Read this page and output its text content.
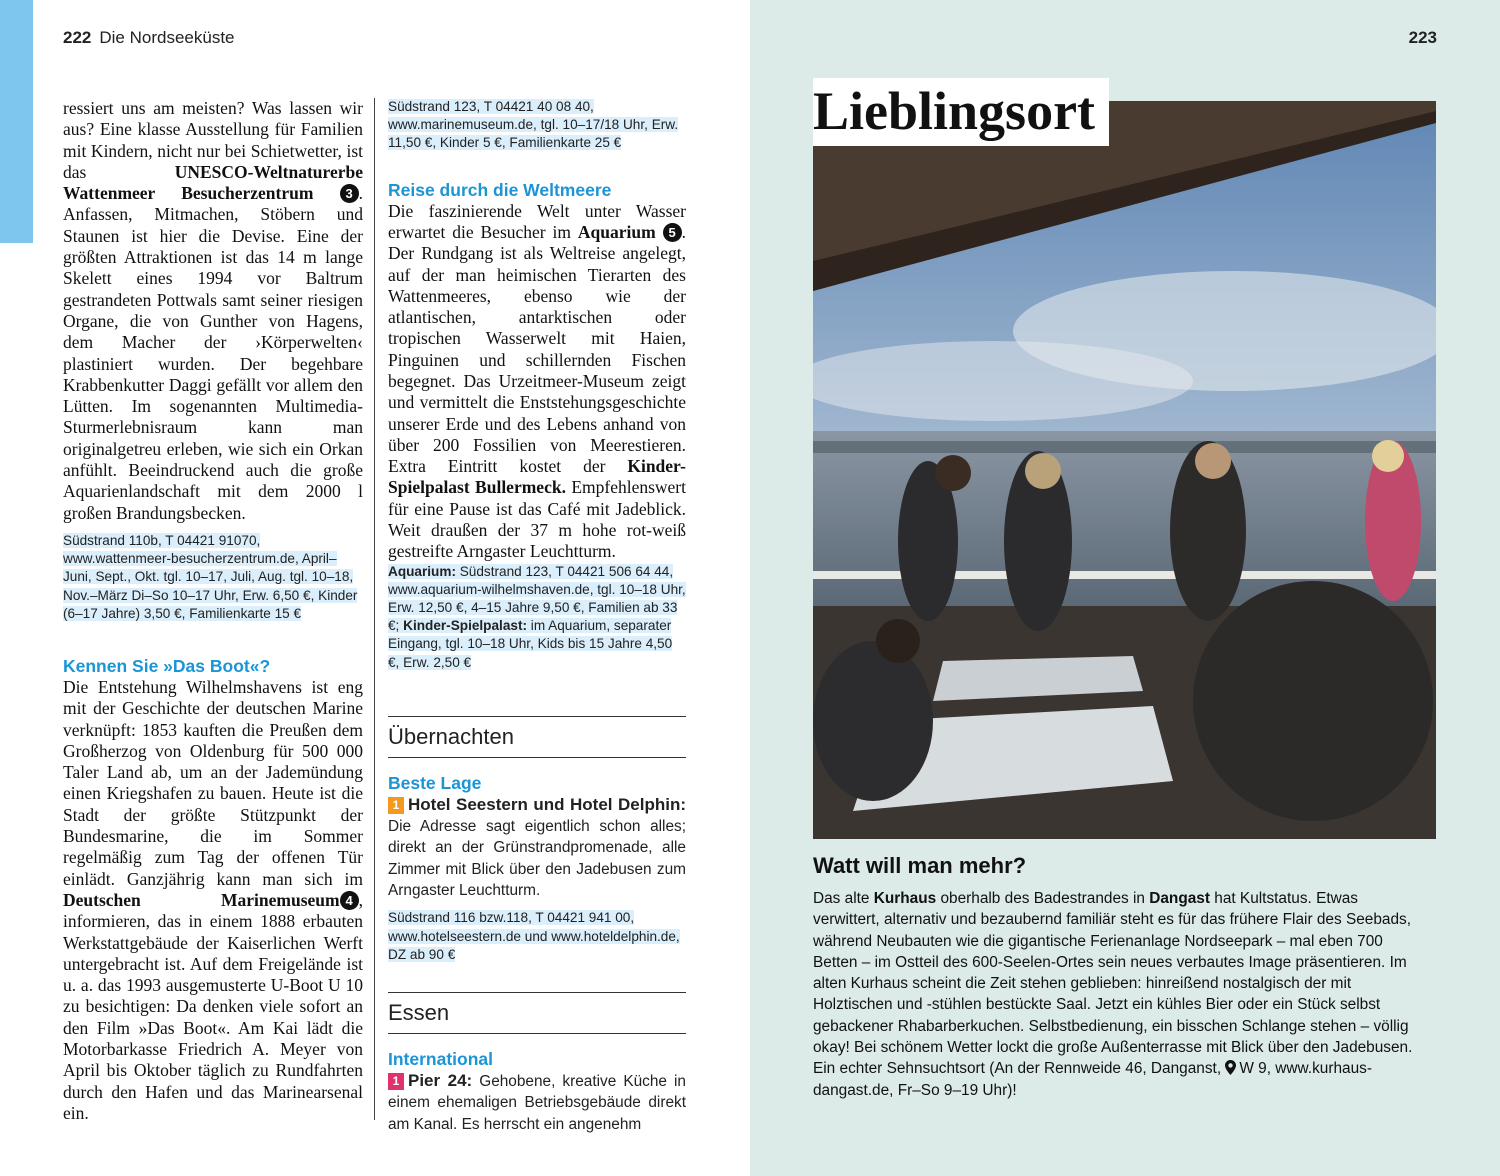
222 Die Nordseeküste

ressiert uns am meisten? Was lassen wir aus? Eine klasse Ausstellung für Familien mit Kindern, nicht nur bei Schietwetter, ist das UNESCO-Weltnaturerbe Wattenmeer Besucherzentrum 3 . Anfassen, Mitmachen, Stöbern und Staunen ist hier die Devise. Eine der größten Attraktionen ist das 14 m lange Skelett eines 1994 vor Baltrum gestrandeten Pottwals samt seiner riesigen Organe, die von Gunther von Hagens, dem Macher der ›Körperwelten‹ plastiniert wurden. Der begehbare Krabbenkutter Daggi gefällt vor allem den Lütten. Im sogenannten Multimedia-Sturmerlebnisraum kann man originalgetreu erleben, wie sich ein Orkan anfühlt. Beeindruckend auch die große Aquarienlandschaft mit dem 2000 l großen Brandungsbecken.

Südstrand 110b, T 04421 91070, www.wattenmeer-besucherzentrum.de, April–Juni, Sept., Okt. tgl. 10–17, Juli, Aug. tgl. 10–18, Nov.–März Di–So 10–17 Uhr, Erw. 6,50 €, Kinder (6–17 Jahre) 3,50 €, Familienkarte 15 €

Kennen Sie »Das Boot«?

Die Entstehung Wilhelmshavens ist eng mit der Geschichte der deutschen Marine verknüpft: 1853 kauften die Preußen dem Großherzog von Oldenburg für 500 000 Taler Land ab, um an der Jademündung einen Kriegshafen zu bauen. Heute ist die Stadt der größte Stützpunkt der Bundesmarine, die im Sommer regelmäßig zum Tag der offenen Tür einlädt. Ganzjährig kann man sich im Deutschen Marinemuseum 4 , informieren, das in einem 1888 erbauten Werkstattgebäude der Kaiserlichen Werft untergebracht ist. Auf dem Freigelände ist u. a. das 1993 ausgemusterte U-Boot U 10 zu besichtigen: Da denken viele sofort an den Film »Das Boot«. Am Kai lädt die Motorbarkasse Friedrich A. Meyer von April bis Oktober täglich zu Rundfahrten durch den Hafen und das Marinearsenal ein.

Südstrand 123, T 04421 40 08 40, www.marinemuseum.de, tgl. 10–17/18 Uhr, Erw. 11,50 €, Kinder 5 €, Familienkarte 25 €

Reise durch die Weltmeere

Die faszinierende Welt unter Wasser erwartet die Besucher im Aquarium 5 . Der Rundgang ist als Weltreise angelegt, auf der man heimischen Tierarten des Wattenmeeres, ebenso wie der atlantischen, antarktischen oder tropischen Wasserwelt mit Haien, Pinguinen und schillernden Fischen begegnet. Das Urzeitmeer-Museum zeigt und vermittelt die Enststehungsgeschichte unserer Erde und des Lebens anhand von über 200 Fossilien von Meerestieren. Extra Eintritt kostet der Kinder-Spielpalast Bullermeck. Empfehlenswert für eine Pause ist das Café mit Jadeblick. Weit draußen der 37 m hohe rot-weiß gestreifte Arngaster Leuchtturm.

Aquarium: Südstrand 123, T 04421 506 64 44, www.aquarium-wilhelmshaven.de, tgl. 10–18 Uhr, Erw. 12,50 €, 4–15 Jahre 9,50 €, Familien ab 33 €; Kinder-Spielpalast: im Aquarium, separater Eingang, tgl. 10–18 Uhr, Kids bis 15 Jahre 4,50 €, Erw. 2,50 €

Übernachten

Beste Lage

1 Hotel Seestern und Hotel Delphin: Die Adresse sagt eigentlich schon alles; direkt an der Grünstrandpromenade, alle Zimmer mit Blick über den Jadebusen zum Arngaster Leuchtturm.

Südstrand 116 bzw.118, T 04421 941 00, www.hotelseestern.de und www.hoteldelphin.de, DZ ab 90 €

Essen

International

1 Pier 24: Gehobene, kreative Küche in einem ehemaligen Betriebsgebäude direkt am Kanal. Es herrscht ein angenehm

223
Lieblingsort

Watt will man mehr?

Das alte Kurhaus oberhalb des Badestrandes in Dangast hat Kultstatus. Etwas verwittert, alternativ und bezaubernd familiär steht es für das frühere Flair des Seebads, während Neubauten wie die gigantische Ferienanlage Nordseepark – mal eben 700 Betten – im Ostteil des 600-Seelen-Ortes sein neues verbautes Image präsentieren. Im alten Kurhaus scheint die Zeit stehen geblieben: hinreißend nostalgisch der mit Holztischen und -stühlen bestückte Saal. Jetzt ein kühles Bier oder ein Stück selbst gebackener Rhabarberkuchen. Selbstbedienung, ein bisschen Schlange stehen – völlig okay! Bei schönem Wetter lockt die große Außenterrasse mit Blick über den Jadebusen. Ein echter Sehnsuchtsort (An der Rennweide 46, Danganst, W 9, www.kurhaus-dangast.de, Fr–So 9–19 Uhr)!
